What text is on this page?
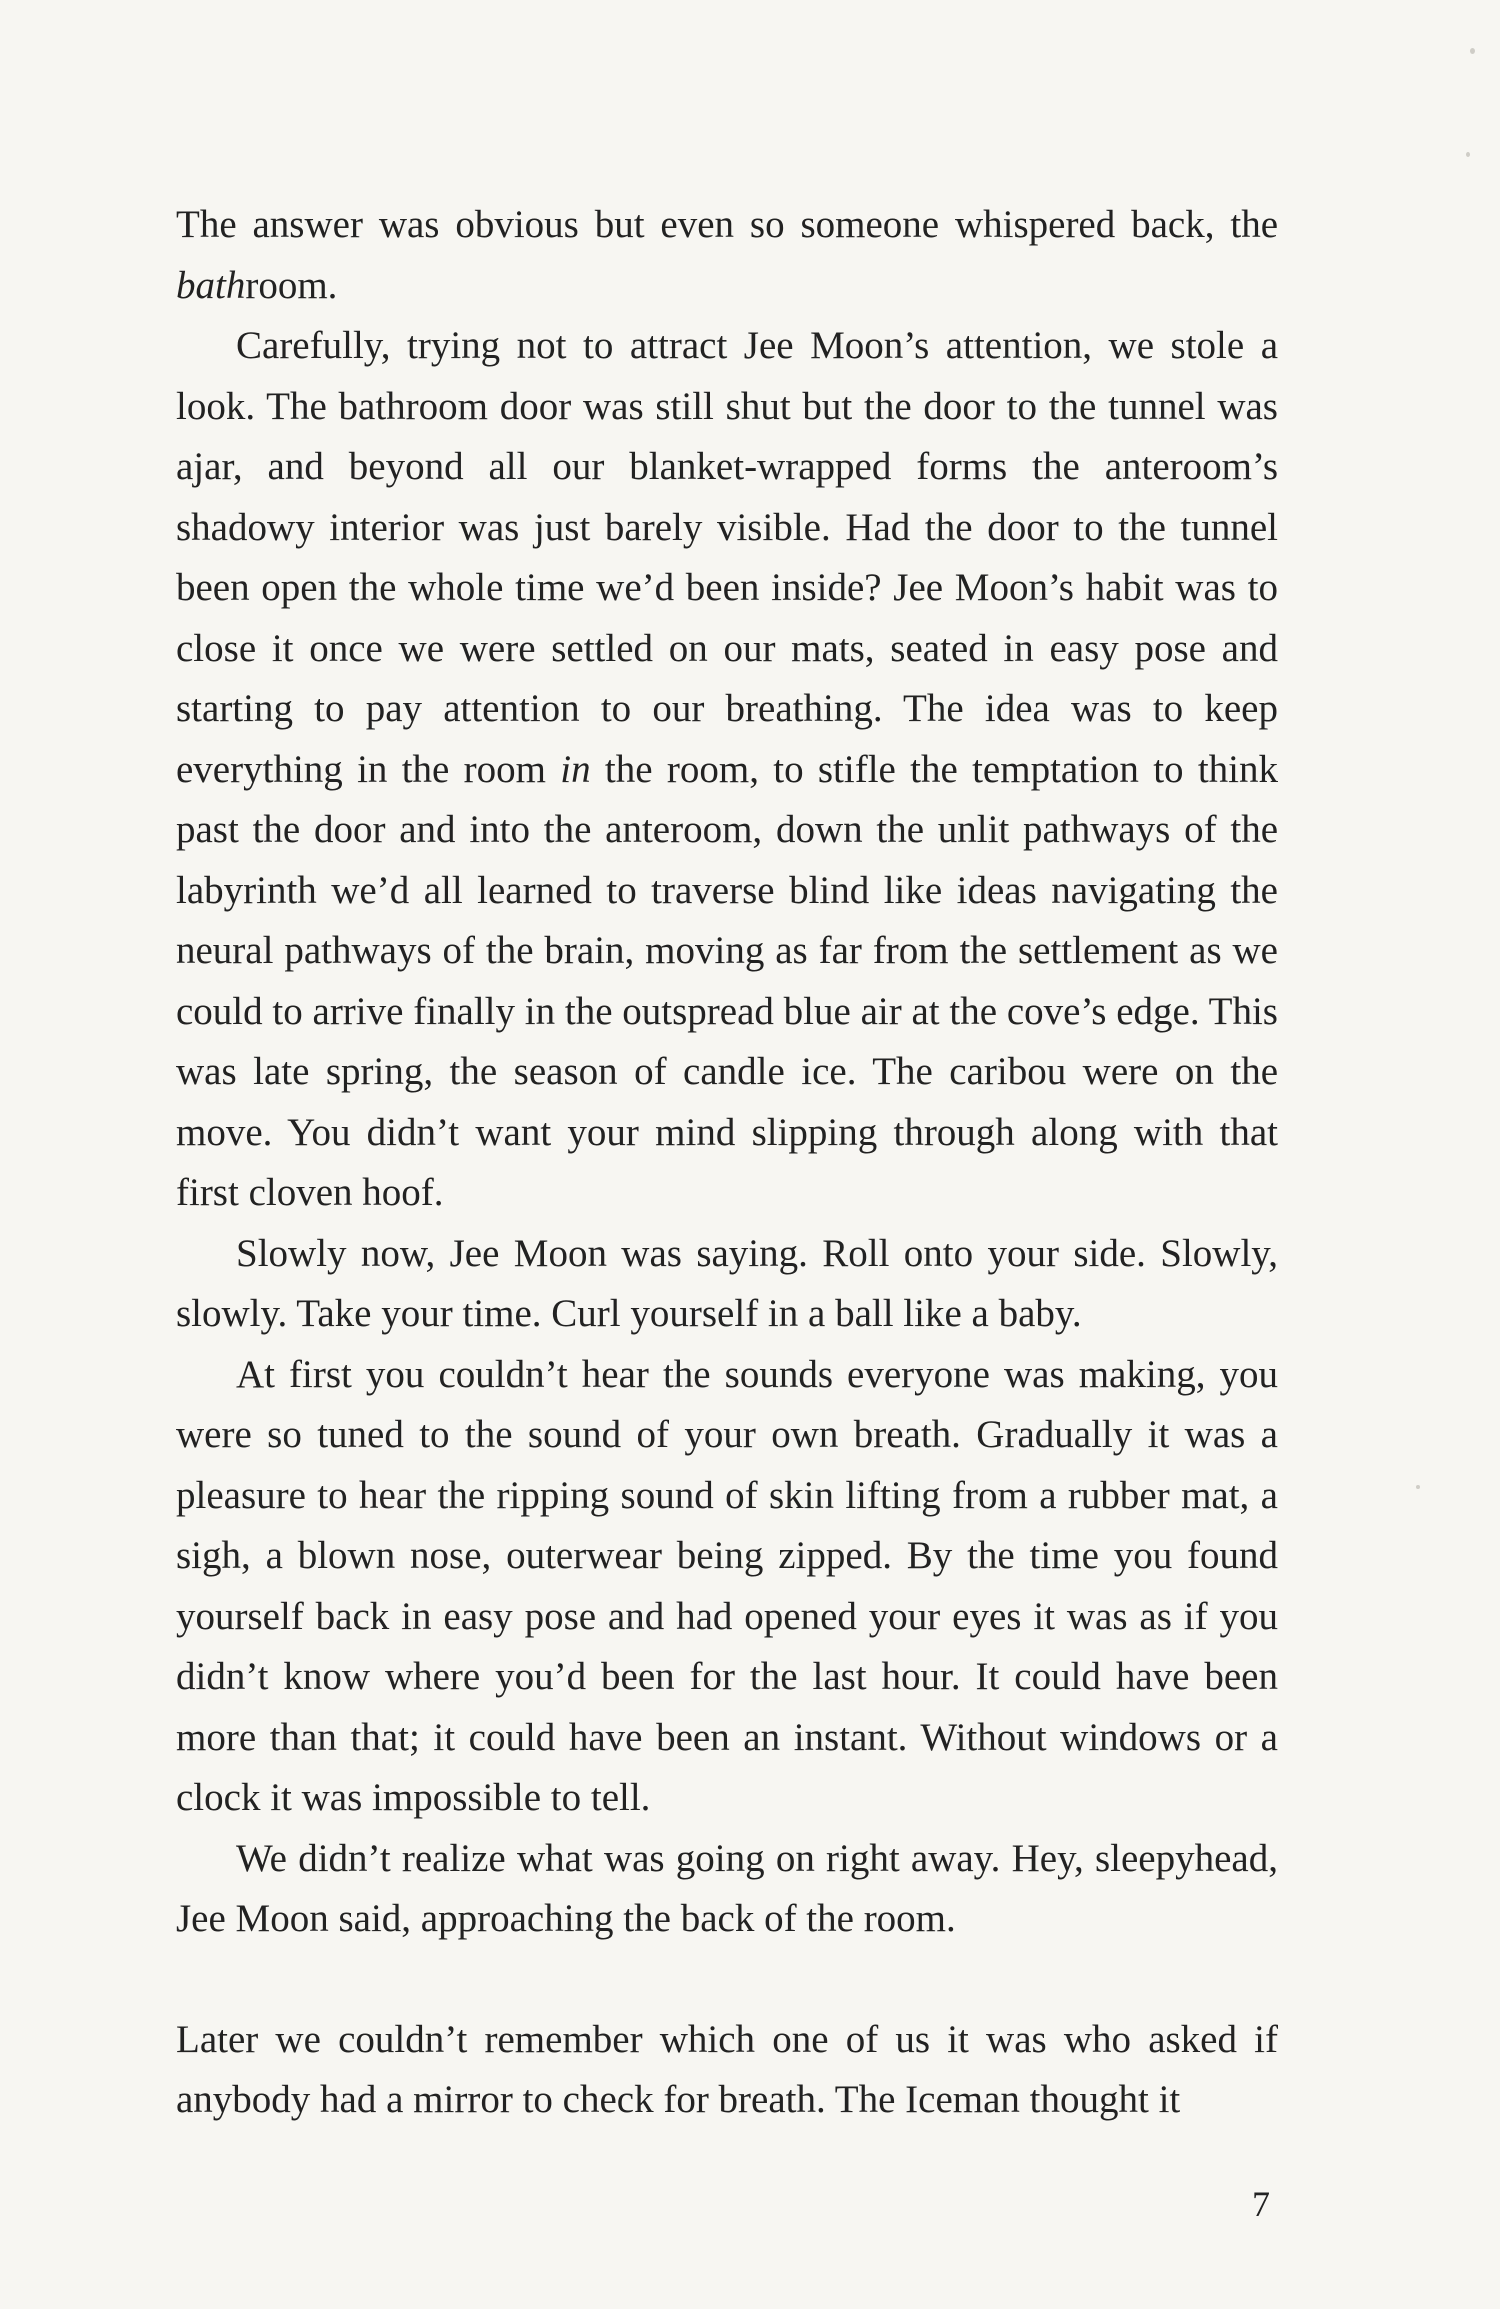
The answer was obvious but even so someone whispered back, the bathroom.

Carefully, trying not to attract Jee Moon’s attention, we stole a look. The bathroom door was still shut but the door to the tunnel was ajar, and beyond all our blanket-wrapped forms the anteroom’s shadowy interior was just barely visible. Had the door to the tunnel been open the whole time we’d been inside? Jee Moon’s habit was to close it once we were settled on our mats, seated in easy pose and starting to pay attention to our breathing. The idea was to keep everything in the room in the room, to stifle the temptation to think past the door and into the anteroom, down the unlit pathways of the labyrinth we’d all learned to traverse blind like ideas navigating the neural pathways of the brain, moving as far from the settlement as we could to arrive finally in the outspread blue air at the cove’s edge. This was late spring, the season of candle ice. The caribou were on the move. You didn’t want your mind slipping through along with that first cloven hoof.

Slowly now, Jee Moon was saying. Roll onto your side. Slowly, slowly. Take your time. Curl yourself in a ball like a baby.

At first you couldn’t hear the sounds everyone was making, you were so tuned to the sound of your own breath. Gradually it was a pleasure to hear the ripping sound of skin lifting from a rubber mat, a sigh, a blown nose, outerwear being zipped. By the time you found yourself back in easy pose and had opened your eyes it was as if you didn’t know where you’d been for the last hour. It could have been more than that; it could have been an instant. Without windows or a clock it was impossible to tell.

We didn’t realize what was going on right away. Hey, sleepyhead, Jee Moon said, approaching the back of the room.

Later we couldn’t remember which one of us it was who asked if anybody had a mirror to check for breath. The Iceman thought it

7
